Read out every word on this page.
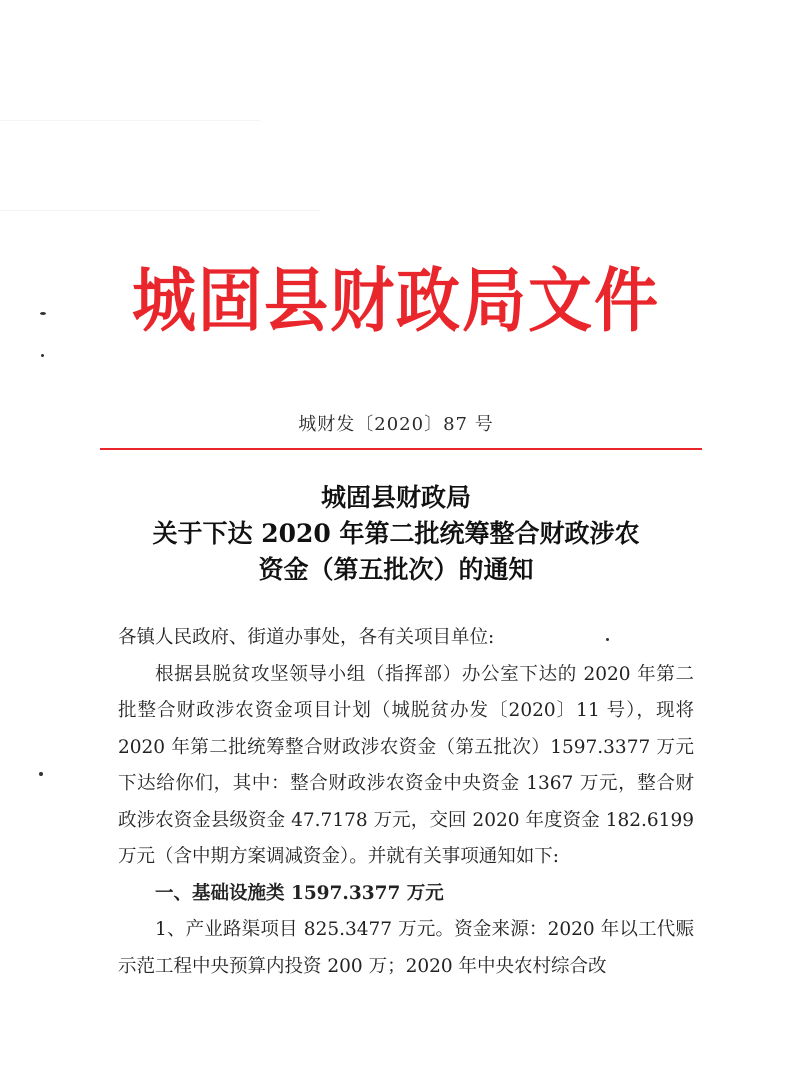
城固县财政局文件
城财发〔2020〕87 号
城固县财政局
关于下达 2020 年第二批统筹整合财政涉农
资金（第五批次）的通知

各镇人民政府、街道办事处，各有关项目单位:

根据县脱贫攻坚领导小组（指挥部）办公室下达的 2020 年第二批整合财政涉农资金项目计划（城脱贫办发〔2020〕11 号），现将 2020 年第二批统筹整合财政涉农资金（第五批次）1597.3377 万元下达给你们，其中：整合财政涉农资金中央资金 1367 万元，整合财政涉农资金县级资金 47.7178 万元，交回 2020 年度资金 182.6199 万元（含中期方案调减资金）。并就有关事项通知如下:

一、基础设施类 1597.3377 万元

1、产业路渠项目 825.3477 万元。资金来源：2020 年以工代赈示范工程中央预算内投资 200 万；2020 年中央农村综合改
